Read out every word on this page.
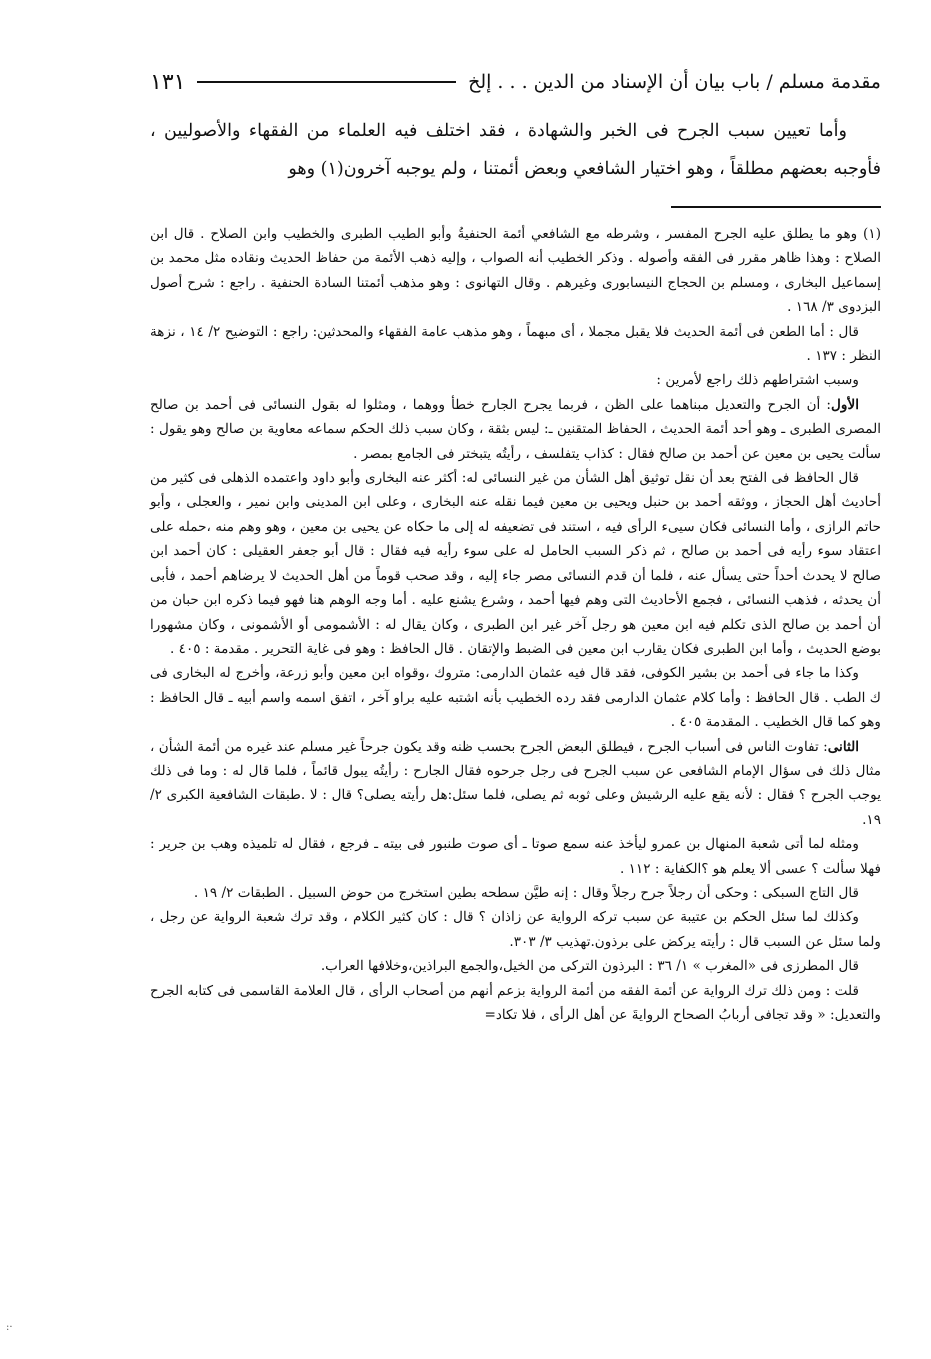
مقدمة مسلم / باب بيان أن الإسناد من الدين . . . إلخ
١٣١

وأما تعيين سبب الجرح فى الخبر والشهادة ، فقد اختلف فيه العلماء من الفقهاء والأصوليين ، فأوجبه بعضهم مطلقاً ، وهو اختيار الشافعي وبعض أئمتنا ، ولم يوجبه آخرون(١) وهو

(١) وهو ما يطلق عليه الجرح المفسر ، وشرطه مع الشافعي أئمة الحنفيةُ وأبو الطيب الطبرى والخطيب وابن الصلاح . قال ابن الصلاح : وهذا ظاهر مقرر فى الفقه وأصوله . وذكر الخطيب أنه الصواب ، وإليه ذهب الأئمة من حفاظ الحديث ونقاده مثل محمد بن إسماعيل البخارى ، ومسلم بن الحجاج النيسابورى وغيرهم . وقال التهانوى : وهو مذهب أئمتنا السادة الحنفية . راجع : شرح أصول البزدوى ٣/ ١٦٨ .

قال : أما الطعن فى أئمة الحديث فلا يقبل مجملا ، أى مبهماً ، وهو مذهب عامة الفقهاء والمحدثين: راجع : التوضيح ٢/ ١٤ ، نزهة النظر : ١٣٧ .

وسبب اشتراطهم ذلك راجع لأمرين :

الأول: أن الجرح والتعديل مبناهما على الظن ، فربما يجرح الجارح خطأ ووهما ، ومثلوا له بقول النسائى فى أحمد بن صالح المصرى الطبرى ـ وهو أحد أئمة الحديث ، الحفاظ المتقنين ـ: ليس بثقة ، وكان سبب ذلك الحكم سماعه معاوية بن صالح وهو يقول : سألت يحيى بن معين عن أحمد بن صالح فقال : كذاب يتفلسف ، رأيتُه يتبختر فى الجامع بمصر .

قال الحافظ فى الفتح بعد أن نقل توثيق أهل الشأن من غير النسائى له: أكثر عنه البخارى وأبو داود واعتمده الذهلى فى كثير من أحاديث أهل الحجاز ، ووثقه أحمد بن حنبل ويحيى بن معين فيما نقله عنه البخارى ، وعلى ابن المدينى وابن نمير ، والعجلى ، وأبو حاتم الرازى ، وأما النسائى فكان سيىء الرأى فيه ، استند فى تضعيفه له إلى ما حكاه عن يحيى بن معين ، وهو وهم منه ،حمله على اعتقاد سوء رأيه فى أحمد بن صالح ، ثم ذكر السبب الحامل له على سوء رأيه فيه فقال : قال أبو جعفر العقيلى : كان أحمد ابن صالح لا يحدث أحداً حتى يسأل عنه ، فلما أن قدم النسائى مصر جاء إليه ، وقد صحب قوماً من أهل الحديث لا يرضاهم أحمد ، فأبى أن يحدثه ، فذهب النسائى ، فجمع الأحاديث التى وهم فيها أحمد ، وشرع يشنع عليه . أما وجه الوهم هنا فهو فيما ذكره ابن حبان من أن أحمد بن صالح الذى تكلم فيه ابن معين هو رجل آخر غير ابن الطبرى ، وكان يقال له : الأشمومى أو الأشمونى ، وكان مشهورا بوضع الحديث ، وأما ابن الطبرى فكان يقارب ابن معين فى الضبط والإتقان . قال الحافظ : وهو فى غاية التحرير . مقدمة : ٤٠٥ .

وكذا ما جاء فى أحمد بن بشير الكوفى، فقد قال فيه عثمان الدارمى: متروك ،وقواه ابن معين وأبو زرعة، وأخرج له البخارى فى ك الطب . قال الحافظ : وأما كلام عثمان الدارمى فقد رده الخطيب بأنه اشتبه عليه براو آخر ، اتفق اسمه واسم أبيه ـ قال الحافظ : وهو كما قال الخطيب . المقدمة ٤٠٥ .

الثانى: تفاوت الناس فى أسباب الجرح ، فيطلق البعض الجرح بحسب ظنه وقد يكون جرحاً غير مسلم عند غيره من أئمة الشأن ، مثال ذلك فى سؤال الإمام الشافعى عن سبب الجرح فى رجل جرحوه فقال الجارح : رأيتُه يبول قائماً ، فلما قال له : وما فى ذلك يوجب الجرح ؟ فقال : لأنه يقع عليه الرشيش وعلى ثوبه ثم يصلى، فلما سئل:هل رأيته يصلى؟ قال : لا .طبقات الشافعية الكبرى ٢/ ١٩.

ومثله لما أتى شعبة المنهال بن عمرو ليأخذ عنه سمع صوتا ـ أى صوت طنبور فى بيته ـ فرجع ، فقال له تلميذه وهب بن جرير : فهلا سألت ؟ عسى ألا يعلم هو ؟الكفاية : ١١٢ .

قال التاج السبكى : وحكى أن رجلاً جرح رجلاً وقال : إنه طيَّن سطحه بطين استخرج من حوض السبيل . الطبقات ٢/ ١٩ .

وكذلك لما سئل الحكم بن عتيبة عن سبب تركه الرواية عن زاذان ؟ قال : كان كثير الكلام ، وقد ترك شعبة الرواية عن رجل ، ولما سئل عن السبب قال : رأيته يركض على برذون.تهذيب ٣/ ٣٠٣.

قال المطرزى فى «المغرب » ١/ ٣٦ : البرذون التركى من الخيل،والجمع البراذين،وخلافها العراب.

قلت : ومن ذلك ترك الرواية عن أئمة الفقه من أئمة الرواية بزعم أنهم من أصحاب الرأى ، قال العلامة القاسمى فى كتابه الجرح والتعديل: « وقد تجافى أربابُ الصحاح الروايةَ عن أهل الرأى ، فلا تكاد=

·:
